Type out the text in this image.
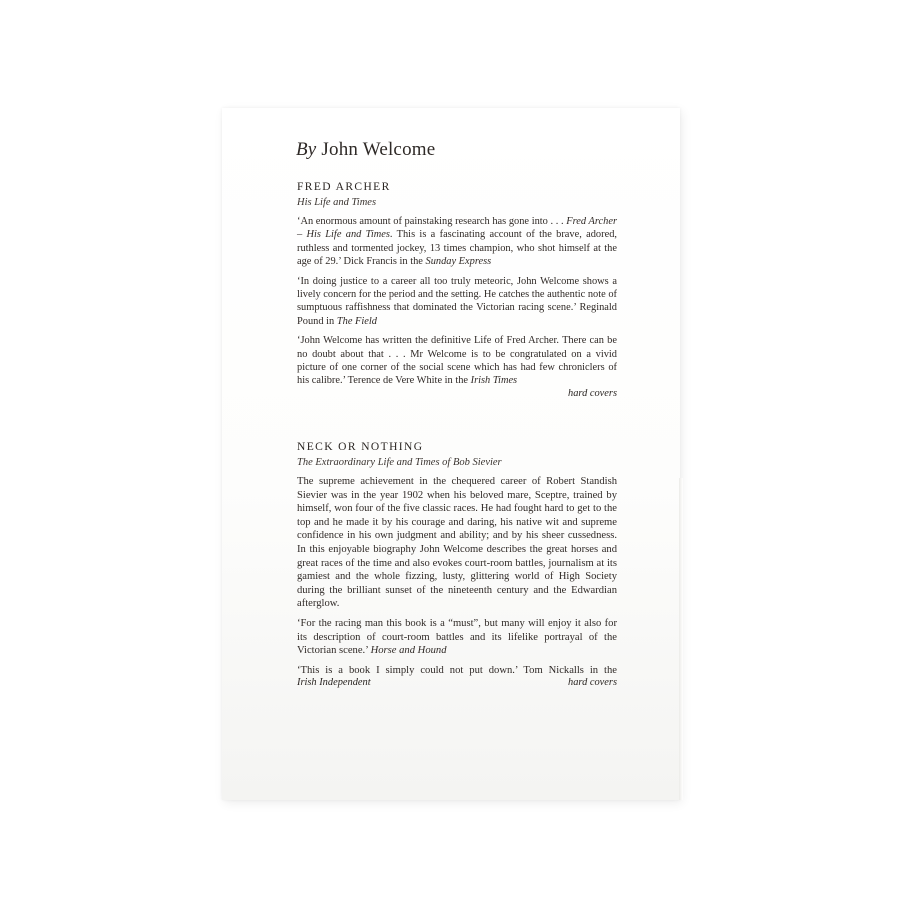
By John Welcome
FRED ARCHER
His Life and Times
‘An enormous amount of painstaking research has gone into . . . Fred Archer – His Life and Times. This is a fascinating account of the brave, adored, ruthless and tormented jockey, 13 times champion, who shot himself at the age of 29.’ Dick Francis in the Sunday Express
‘In doing justice to a career all too truly meteoric, John Welcome shows a lively concern for the period and the setting. He catches the authentic note of sumptuous raffishness that dominated the Victorian racing scene.’ Reginald Pound in The Field
‘John Welcome has written the definitive Life of Fred Archer. There can be no doubt about that . . . Mr Welcome is to be congratulated on a vivid picture of one corner of the social scene which has had few chroniclers of his calibre.’ Terence de Vere White in the Irish Times
hard covers
NECK OR NOTHING
The Extraordinary Life and Times of Bob Sievier
The supreme achievement in the chequered career of Robert Standish Sievier was in the year 1902 when his beloved mare, Sceptre, trained by himself, won four of the five classic races. He had fought hard to get to the top and he made it by his courage and daring, his native wit and supreme confidence in his own judgment and ability; and by his sheer cussedness. In this enjoyable biography John Welcome describes the great horses and great races of the time and also evokes court-room battles, journalism at its gamiest and the whole fizzing, lusty, glittering world of High Society during the brilliant sunset of the nineteenth century and the Edwardian afterglow.
‘For the racing man this book is a “must”, but many will enjoy it also for its description of court-room battles and its lifelike portrayal of the Victorian scene.’ Horse and Hound
‘This is a book I simply could not put down.’ Tom Nickalls in the
Irish Independent	hard covers
